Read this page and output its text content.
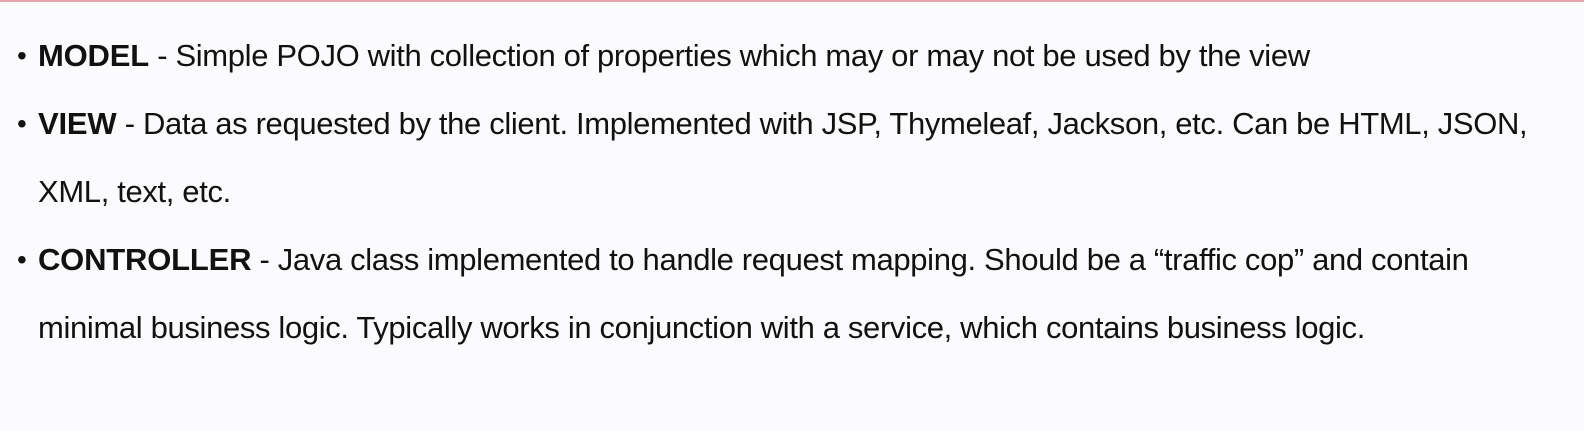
• MODEL - Simple POJO with collection of properties which may or may not be used by the view
• VIEW - Data as requested by the client. Implemented with JSP, Thymeleaf, Jackson, etc. Can be HTML, JSON, XML, text, etc.
• CONTROLLER - Java class implemented to handle request mapping. Should be a “traffic cop” and contain minimal business logic. Typically works in conjunction with a service, which contains business logic.
